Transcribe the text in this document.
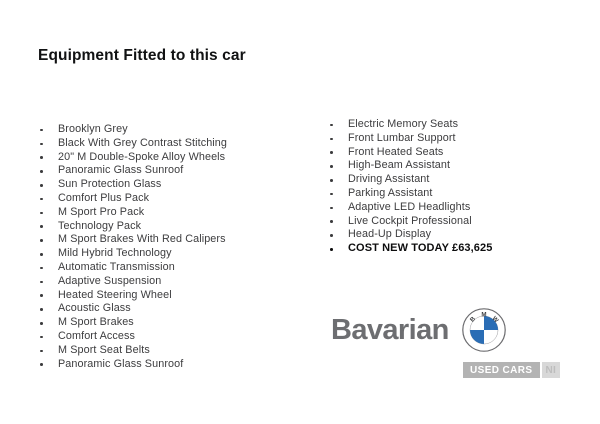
Equipment Fitted to this car
Brooklyn Grey
Black With Grey Contrast Stitching
20" M Double-Spoke Alloy Wheels
Panoramic Glass Sunroof
Sun Protection Glass
Comfort Plus Pack
M Sport Pro Pack
Technology Pack
M Sport Brakes With Red Calipers
Mild Hybrid Technology
Automatic Transmission
Adaptive Suspension
Heated Steering Wheel
Acoustic Glass
M Sport Brakes
Comfort Access
M Sport Seat Belts
Panoramic Glass Sunroof
Electric Memory Seats
Front Lumbar Support
Front Heated Seats
High-Beam Assistant
Driving Assistant
Parking Assistant
Adaptive LED Headlights
Live Cockpit Professional
Head-Up Display
COST NEW TODAY £63,625
Bavarian	B
M
W
USED CARS	NI
